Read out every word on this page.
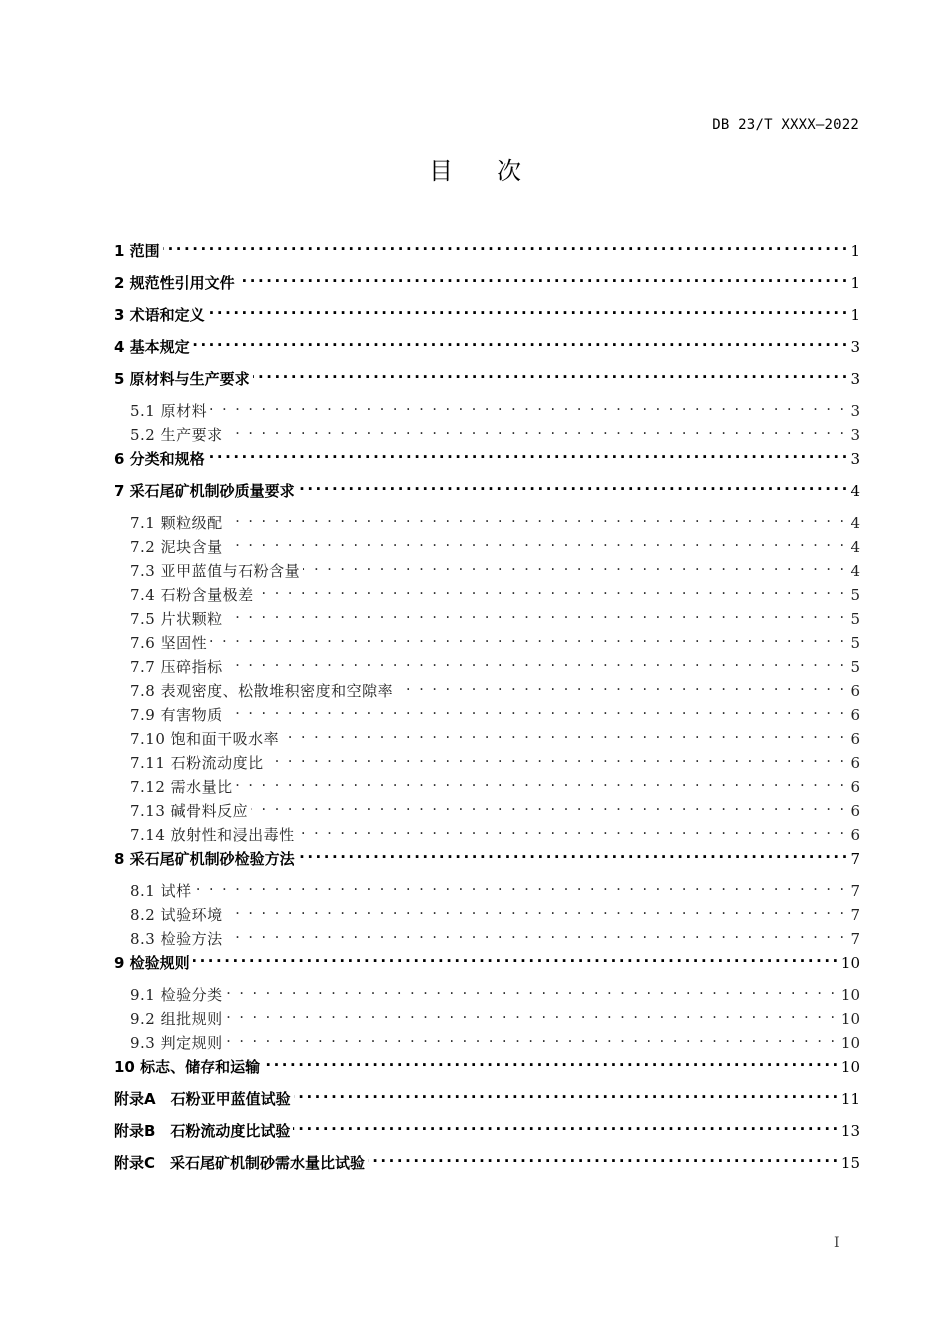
DB 23/T XXXX—2022
目次
1 范围 . . .	1
2 规范性引用文件 . . .	1
3 术语和定义 . . .	1
4 基本规定 . . .	3
5 原材料与生产要求 . . .	3
5.1 原材料 . . .	3
5.2 生产要求 . . .	3
6 分类和规格 . . .	3
7 采石尾矿机制砂质量要求 . . .	4
7.1 颗粒级配 . . .	4
7.2 泥块含量 . . .	4
7.3 亚甲蓝值与石粉含量 . . .	4
7.4 石粉含量极差 . . .	5
7.5 片状颗粒 . . .	5
7.6 坚固性 . . .	5
7.7 压碎指标 . . .	5
7.8 表观密度、松散堆积密度和空隙率 . . .	6
7.9 有害物质 . . .	6
7.10 饱和面干吸水率 . . .	6
7.11 石粉流动度比 . . .	6
7.12 需水量比 . . .	6
7.13 碱骨料反应 . . .	6
7.14 放射性和浸出毒性 . . .	6
8 采石尾矿机制砂检验方法 . . .	7
8.1 试样 . . .	7
8.2 试验环境 . . .	7
8.3 检验方法 . . .	7
9 检验规则 . . .	10
9.1 检验分类 . . .	10
9.2 组批规则 . . .	10
9.3 判定规则 . . .	10
10 标志、储存和运输 . . .	10
附录A　石粉亚甲蓝值试验 . . .	11
附录B　石粉流动度比试验 . . .	13
附录C　采石尾矿机制砂需水量比试验 . . .	15
I
